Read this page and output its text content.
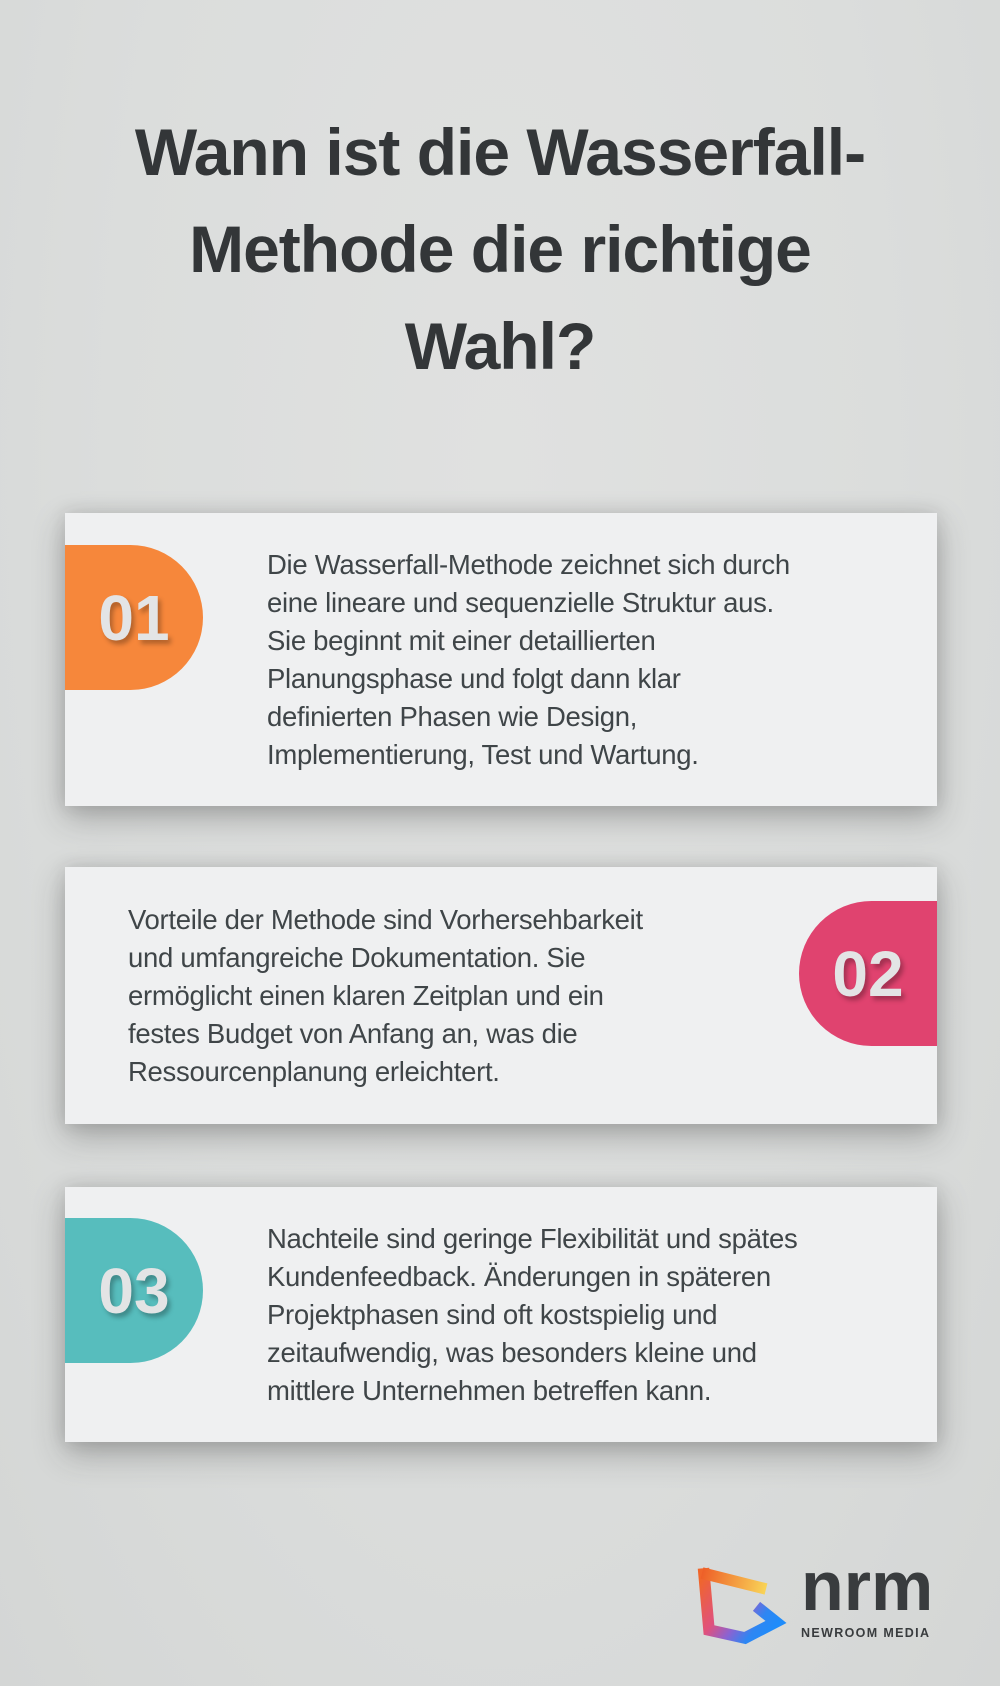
Wann ist die Wasserfall-
Methode die richtige
Wahl?
01
Die Wasserfall-Methode zeichnet sich durch
eine lineare und sequenzielle Struktur aus.
Sie beginnt mit einer detaillierten
Planungsphase und folgt dann klar
definierten Phasen wie Design,
Implementierung, Test und Wartung.
02
Vorteile der Methode sind Vorhersehbarkeit
und umfangreiche Dokumentation. Sie
ermöglicht einen klaren Zeitplan und ein
festes Budget von Anfang an, was die
Ressourcenplanung erleichtert.
03
Nachteile sind geringe Flexibilität und spätes
Kundenfeedback. Änderungen in späteren
Projektphasen sind oft kostspielig und
zeitaufwendig, was besonders kleine und
mittlere Unternehmen betreffen kann.
nrm
NEWROOM MEDIA
